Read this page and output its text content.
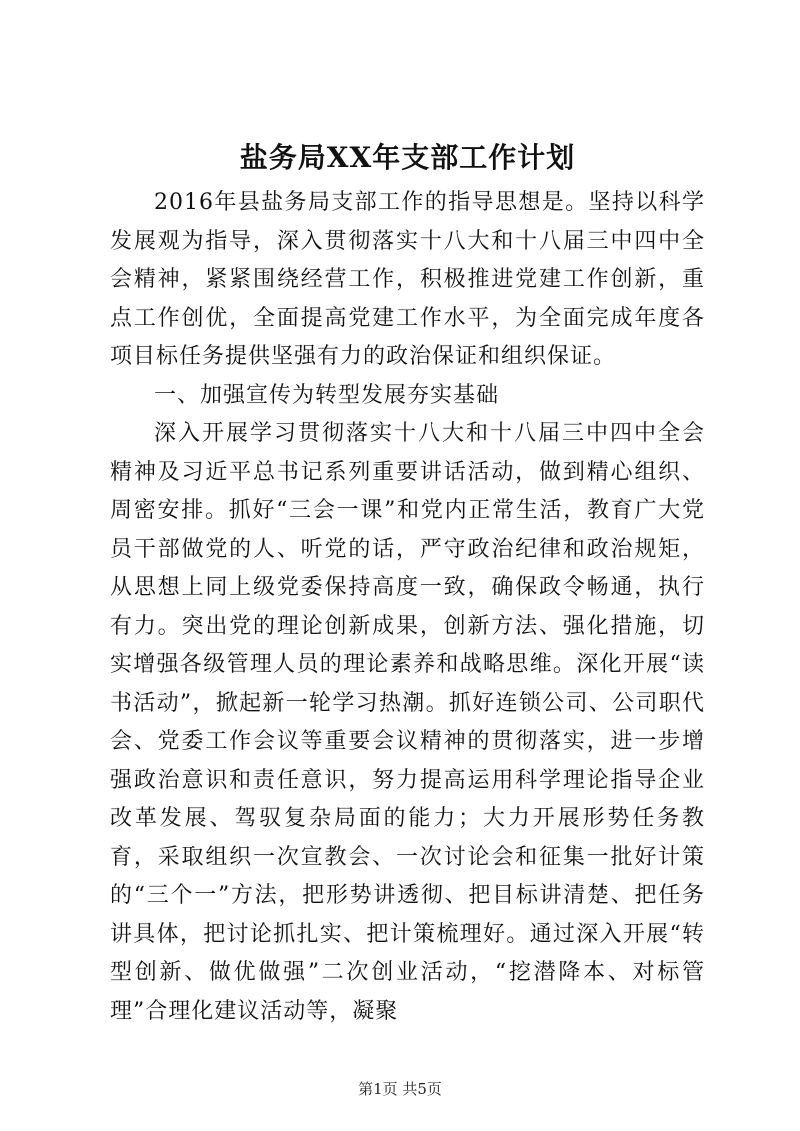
盐务局XX年支部工作计划

2016年县盐务局支部工作的指导思想是。坚持以科学发展观为指导，深入贯彻落实十八大和十八届三中四中全会精神，紧紧围绕经营工作，积极推进党建工作创新，重点工作创优，全面提高党建工作水平，为全面完成年度各项目标任务提供坚强有力的政治保证和组织保证。

一、加强宣传为转型发展夯实基础

深入开展学习贯彻落实十八大和十八届三中四中全会精神及习近平总书记系列重要讲话活动，做到精心组织、周密安排。抓好“三会一课”和党内正常生活，教育广大党员干部做党的人、听党的话，严守政治纪律和政治规矩，从思想上同上级党委保持高度一致，确保政令畅通，执行有力。突出党的理论创新成果，创新方法、强化措施，切实增强各级管理人员的理论素养和战略思维。深化开展“读书活动”，掀起新一轮学习热潮。抓好连锁公司、公司职代会、党委工作会议等重要会议精神的贯彻落实，进一步增强政治意识和责任意识，努力提高运用科学理论指导企业改革发展、驾驭复杂局面的能力；大力开展形势任务教育，采取组织一次宣教会、一次讨论会和征集一批好计策的“三个一”方法，把形势讲透彻、把目标讲清楚、把任务讲具体，把讨论抓扎实、把计策梳理好。通过深入开展“转型创新、做优做强”二次创业活动，“挖潜降本、对标管理”合理化建议活动等，凝聚

第1页 共5页
